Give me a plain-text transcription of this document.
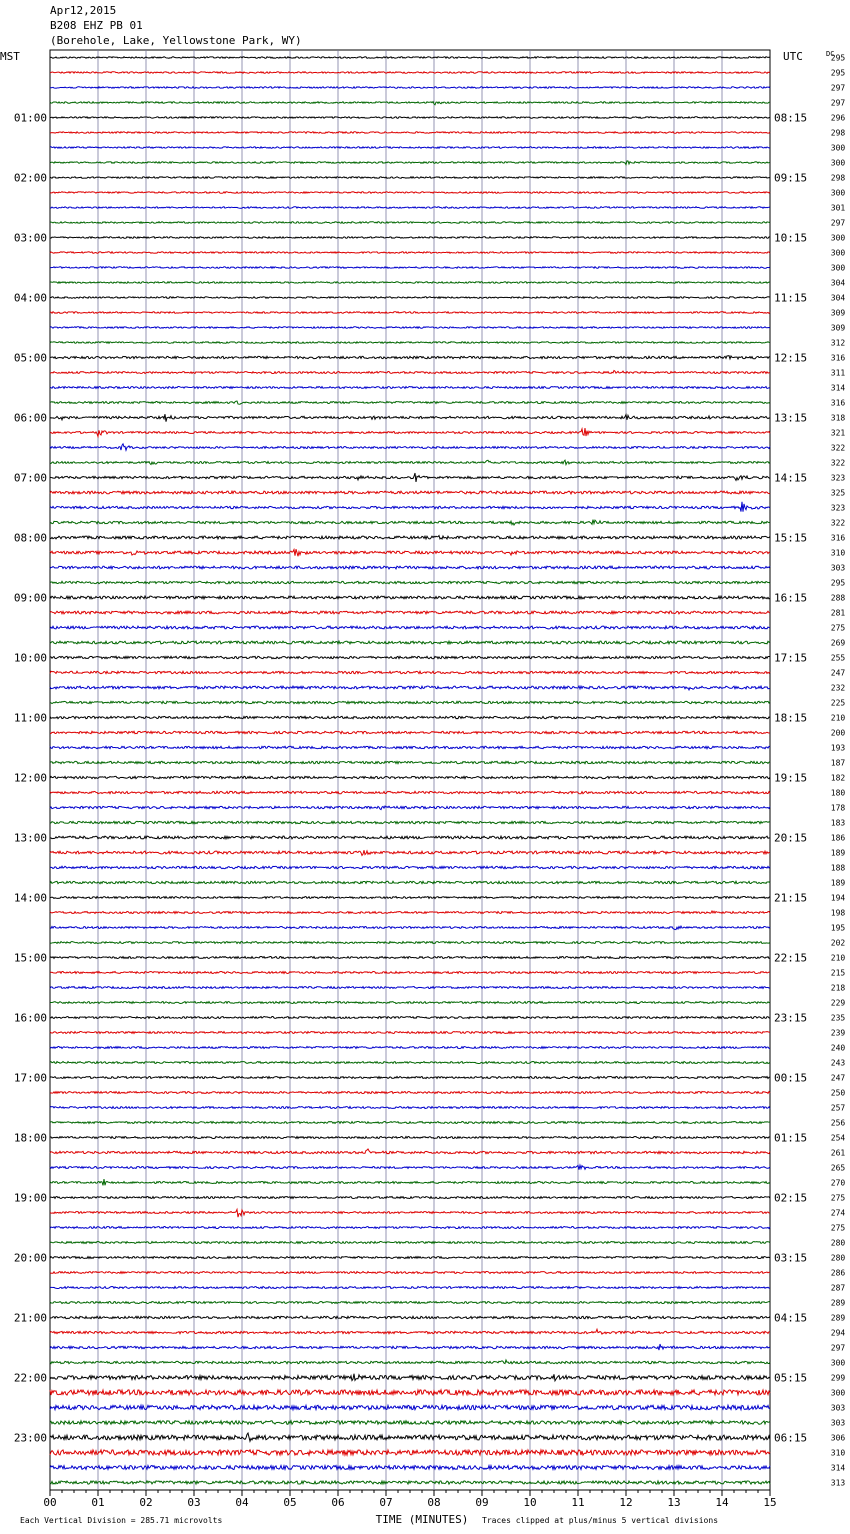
Apr12,2015
B208 EHZ PB 01
(Borehole, Lake, Yellowstone Park, WY)
295
295
297
297
296
298
300
300
298
300
301
297
300
300
300
304
304
309
309
312
316
311
314
316
318
321
322
322
323
325
323
322
316
310
303
295
288
281
275
269
255
247
232
225
210
200
193
187
182
180
178
183
186
189
188
189
194
198
195
202
210
215
218
229
235
239
240
243
247
250
257
256
254
261
265
270
275
274
275
280
280
286
287
289
289
294
297
300
299
300
303
303
306
310
314
313
MST	UTC	DC
01:00
02:00
03:00
04:00
05:00
06:00
07:00
08:00
09:00
10:00
11:00
12:00
13:00
14:00
15:00
16:00
17:00
18:00
19:00
20:00
21:00
22:00
23:00
08:15
09:15
10:15
11:15
12:15
13:15
14:15
15:15
16:15
17:15
18:15
19:15
20:15
21:15
22:15
23:15
00:15
01:15
02:15
03:15
04:15
05:15
06:15
00	01	02	03	04	05	06	07	08	09	10	11	12	13	14	15
TIME (MINUTES)
Each Vertical Division = 285.71 microvolts	Traces clipped at plus/minus 5 vertical divisions
